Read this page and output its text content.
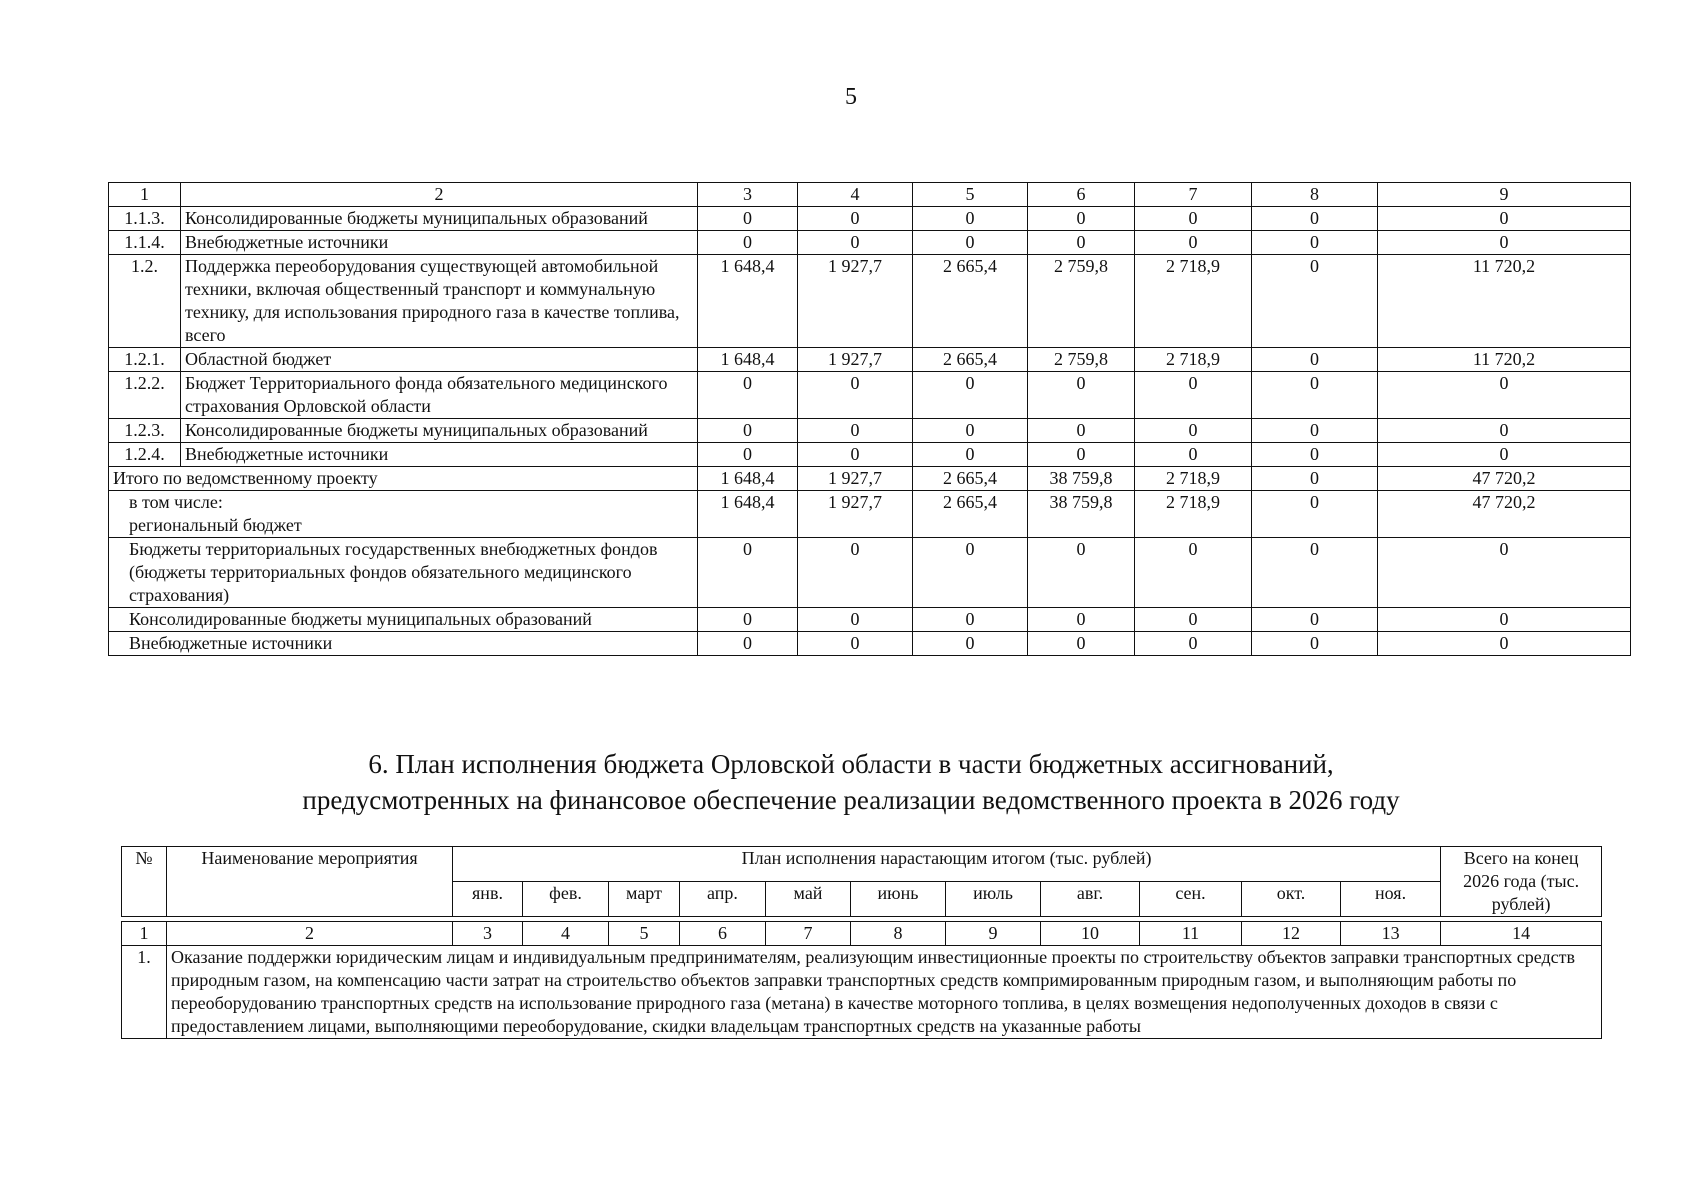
5
1	2	3	4	5	6	7	8	9
1.1.3.	Консолидированные бюджеты муниципальных образований	0	0	0	0	0	0	0
1.1.4.	Внебюджетные источники	0	0	0	0	0	0	0
1.2.	Поддержка переоборудования существующей автомобильной техники, включая общественный транспорт и коммунальную технику, для использования природного газа в качестве топлива, всего	1 648,4	1 927,7	2 665,4	2 759,8	2 718,9	0	11 720,2
1.2.1.	Областной бюджет	1 648,4	1 927,7	2 665,4	2 759,8	2 718,9	0	11 720,2
1.2.2.	Бюджет Территориального фонда обязательного медицинского страхования Орловской области	0	0	0	0	0	0	0
1.2.3.	Консолидированные бюджеты муниципальных образований	0	0	0	0	0	0	0
1.2.4.	Внебюджетные источники	0	0	0	0	0	0	0
Итого по ведомственному проекту		1 648,4	1 927,7	2 665,4	38 759,8	2 718,9	0	47 720,2
в том числе:
региональный бюджет		1 648,4	1 927,7	2 665,4	38 759,8	2 718,9	0	47 720,2
Бюджеты территориальных государственных внебюджетных фондов (бюджеты территориальных фондов обязательного медицинского страхования)		0	0	0	0	0	0	0
Консолидированные бюджеты муниципальных образований		0	0	0	0	0	0	0
Внебюджетные источники		0	0	0	0	0	0	0
6. План исполнения бюджета Орловской области в части бюджетных ассигнований,
предусмотренных на финансовое обеспечение реализации ведомственного проекта в 2026 году
№	Наименование мероприятия	План исполнения нарастающим итогом (тыс. рублей)											Всего на конец 2026 года (тыс. рублей)
		янв.	фев.	март	апр.	май	июнь	июль	авг.	сен.	окт.	ноя.	

1	2	3	4	5	6	7	8	9	10	11	12	13	14
1.	Оказание поддержки юридическим лицам и индивидуальным предпринимателям, реализующим инвестиционные проекты по строительству объектов заправки транспортных средств природным газом, на компенсацию части затрат на строительство объектов заправки транспортных средств компримированным природным газом, и выполняющим работы по переоборудованию транспортных средств на использование природного газа (метана) в качестве моторного топлива, в целях возмещения недополученных доходов в связи с предоставлением лицами, выполняющими переоборудование, скидки владельцам транспортных средств на указанные работы												
